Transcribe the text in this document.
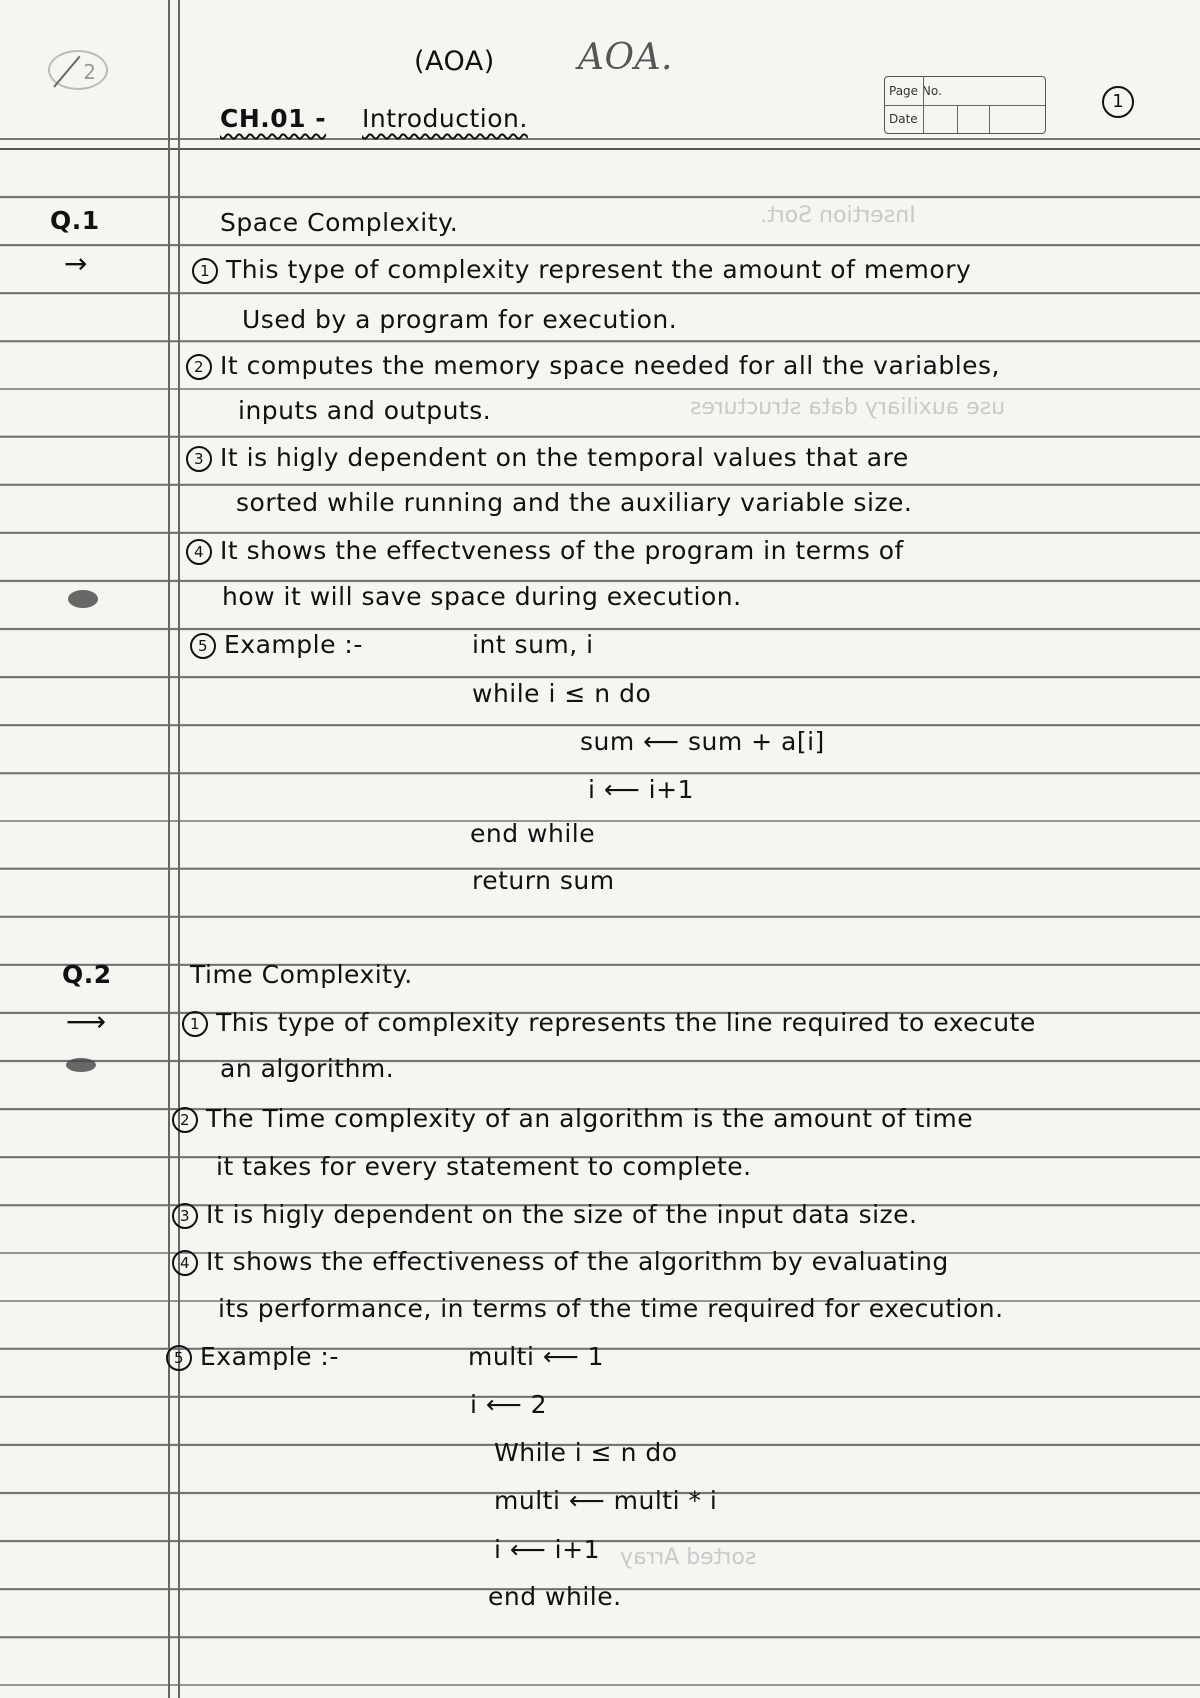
Insertion Sort.
use auxiliary data structures
sorted Array
2	(AOA) AOA.
CH.01 - Introduction.
Page No.
Date
1
Q.1	Space Complexity.
→	1 This type of complexity represent the amount of memory
Used by a program for execution.
2 It computes the memory space needed for all the variables,
inputs and outputs.
3 It is higly dependent on the temporal values that are
sorted while running and the auxiliary variable size.
4 It shows the effectveness of the program in terms of
how it will save space during execution.
5 Example :-	int sum, i
while i ≤ n do
sum ⟵ sum + a[i]
i ⟵ i+1
end while
return sum
Q.2	Time Complexity.
⟶	1 This type of complexity represents the line required to execute
an algorithm.
2 The Time complexity of an algorithm is the amount of time
it takes for every statement to complete.
3 It is higly dependent on the size of the input data size.
4 It shows the effectiveness of the algorithm by evaluating
its performance, in terms of the time required for execution.
5 Example :-	multi ⟵ 1
i ⟵ 2
While i ≤ n do
multi ⟵ multi * i
i ⟵ i+1
end while.
